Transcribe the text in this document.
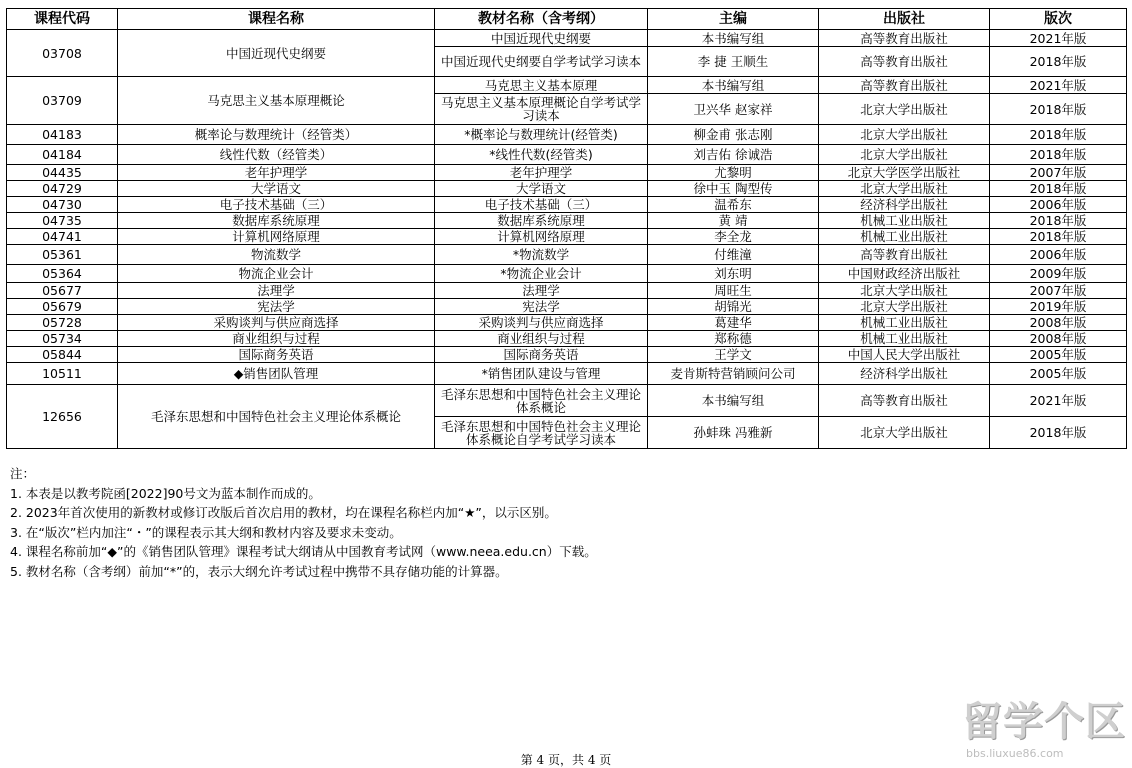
课程代码	课程名称	教材名称（含考纲）	主编	出版社	版次
03708	中国近现代史纲要	中国近现代史纲要	本书编写组	高等教育出版社	2021年版
		中国近现代史纲要自学考试学习读本	李 捷 王顺生	高等教育出版社	2018年版
03709	马克思主义基本原理概论	马克思主义基本原理	本书编写组	高等教育出版社	2021年版
		马克思主义基本原理概论自学考试学习读本	卫兴华 赵家祥	北京大学出版社	2018年版
04183	概率论与数理统计（经管类）	*概率论与数理统计(经管类)	柳金甫 张志刚	北京大学出版社	2018年版
04184	线性代数（经管类）	*线性代数(经管类)	刘吉佑 徐诚浩	北京大学出版社	2018年版
04435	老年护理学	老年护理学	尤黎明	北京大学医学出版社	2007年版
04729	大学语文	大学语文	徐中玉 陶型传	北京大学出版社	2018年版
04730	电子技术基础（三）	电子技术基础（三）	温希东	经济科学出版社	2006年版
04735	数据库系统原理	数据库系统原理	黄 靖	机械工业出版社	2018年版
04741	计算机网络原理	计算机网络原理	李全龙	机械工业出版社	2018年版
05361	物流数学	*物流数学	付维潼	高等教育出版社	2006年版
05364	物流企业会计	*物流企业会计	刘东明	中国财政经济出版社	2009年版
05677	法理学	法理学	周旺生	北京大学出版社	2007年版
05679	宪法学	宪法学	胡锦光	北京大学出版社	2019年版
05728	采购谈判与供应商选择	采购谈判与供应商选择	葛建华	机械工业出版社	2008年版
05734	商业组织与过程	商业组织与过程	郑称德	机械工业出版社	2008年版
05844	国际商务英语	国际商务英语	王学文	中国人民大学出版社	2005年版
10511	◆销售团队管理	*销售团队建设与管理	麦肯斯特营销顾问公司	经济科学出版社	2005年版
12656	毛泽东思想和中国特色社会主义理论体系概论	毛泽东思想和中国特色社会主义理论体系概论	本书编写组	高等教育出版社	2021年版
		毛泽东思想和中国特色社会主义理论体系概论自学考试学习读本	孙蚌珠 冯雅新	北京大学出版社	2018年版
注：
1. 本表是以教考院函[2022]90号文为蓝本制作而成的。
2. 2023年首次使用的新教材或修订改版后首次启用的教材，均在课程名称栏内加“★”，以示区别。
3. 在“版次”栏内加注“・”的课程表示其大纲和教材内容及要求未变动。
4. 课程名称前加“◆”的《销售团队管理》课程考试大纲请从中国教育考试网（www.neea.edu.cn）下载。
5. 教材名称（含考纲）前加“*”的，表示大纲允许考试过程中携带不具存储功能的计算器。
留学个区
bbs.liuxue86.com
第 4 页，共 4 页
